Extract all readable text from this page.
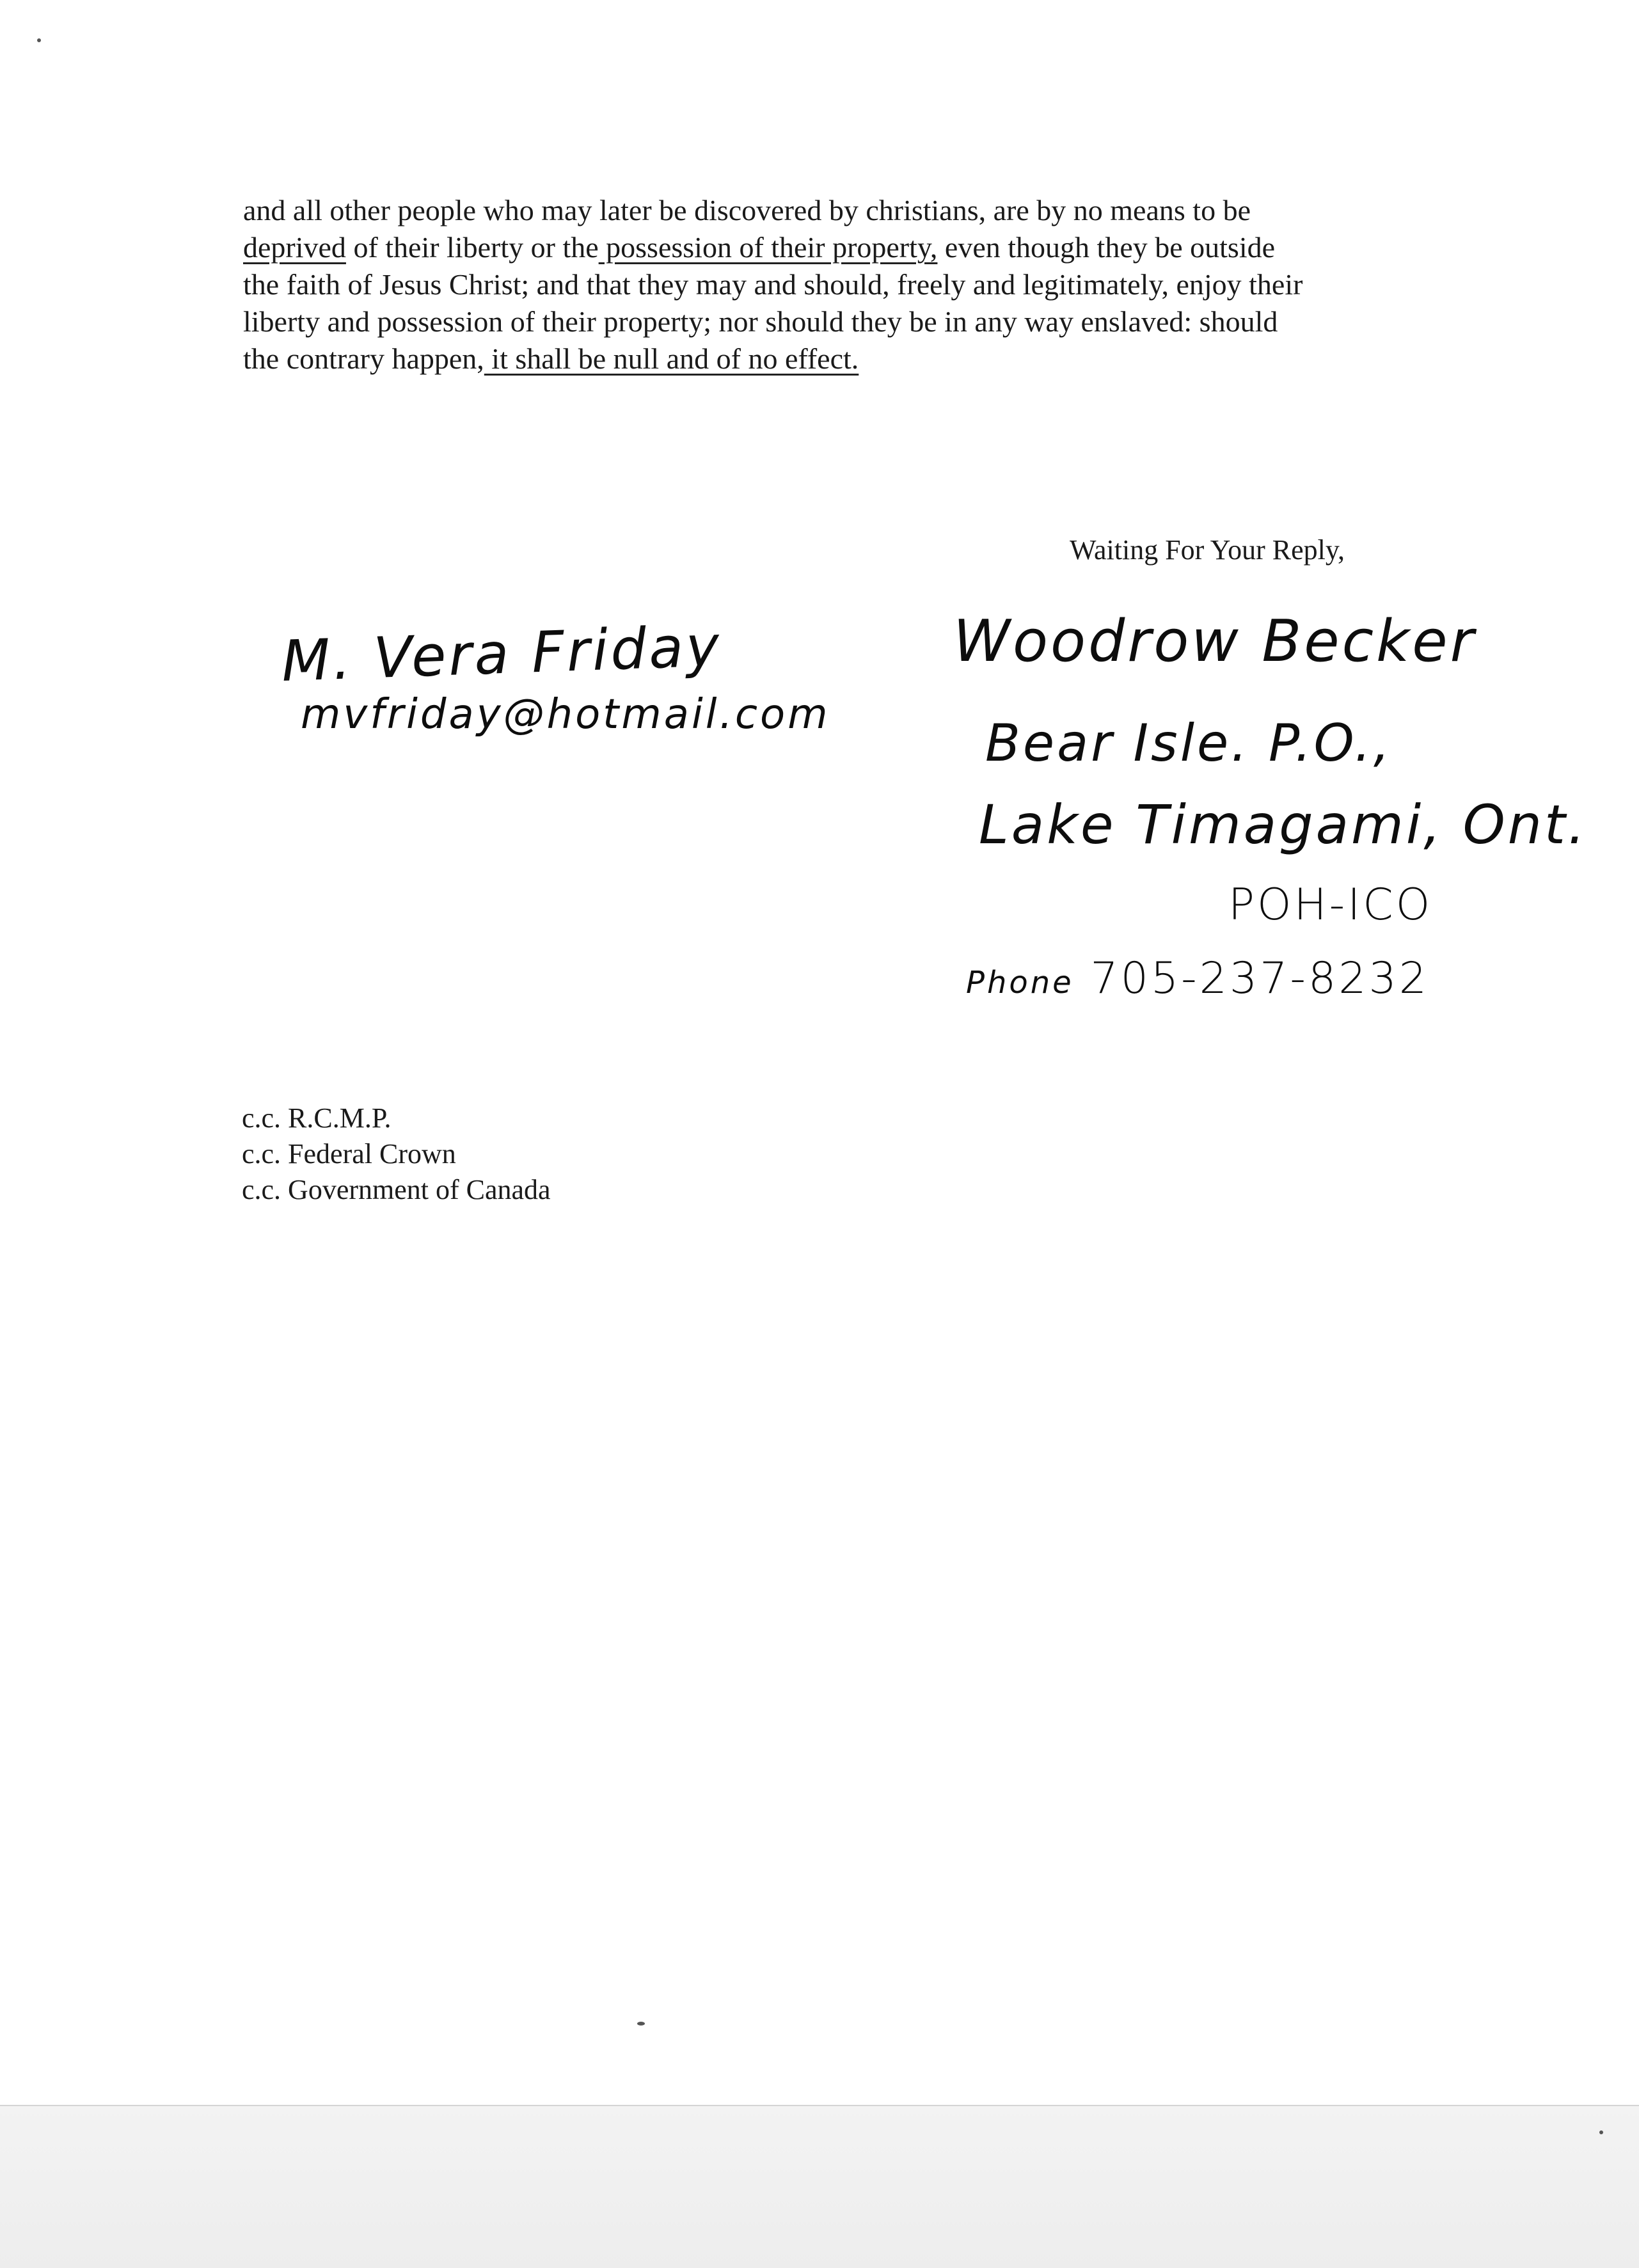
and all other people who may later be discovered by christians, are by no means to be
deprived of their liberty or the possession of their property, even though they be outside
the faith of Jesus Christ; and that they may and should, freely and legitimately, enjoy their
liberty and possession of their property; nor should they be in any way enslaved: should
the contrary happen, it shall be null and of no effect.

Waiting For Your Reply,
M. Vera Friday
mvfriday@hotmail.com
Woodrow Becker
Bear Isle. P.O.,
Lake Timagami, Ont.
POH-ICO
Phone 705-237-8232
c.c. R.C.M.P.
c.c. Federal Crown
c.c. Government of Canada
